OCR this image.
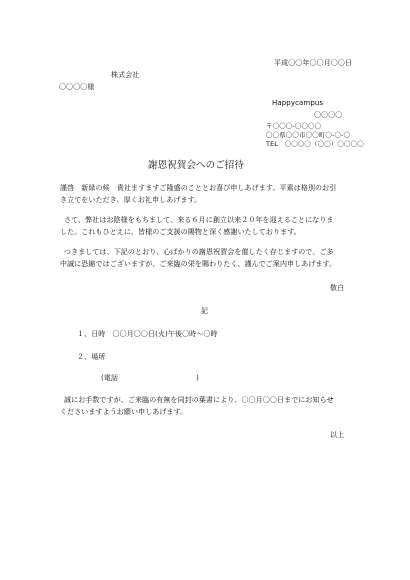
平成〇〇年〇〇月〇〇日
株式会社
〇〇〇〇様
Happycampus
〇〇〇〇
〒〇〇〇-〇〇〇〇
〇〇県〇〇市〇〇町〇-〇-〇
TEL　〇〇〇〇（〇〇）〇〇〇〇
謝恩祝賀会へのご招待
謹啓　新緑の候　貴社ますますご隆盛のこととお喜び申しあげます。平素は格別のお引
き立てをいただき、厚くお礼申しあげます。
さて、弊社はお陰様をもちまして、来る６月に創立以来２０年を迎えることになりま
した。これもひとえに、皆様のご支援の賜物と深く感謝いたしております。
つきましては、下記のとおり、心ばかりの謝恩祝賀会を催したく存じますので、ご多
中誠に恐縮ではございますが、ご来臨の栄を賜わりたく、謹んでご案内申しあげます。
敬白
記
１、日時　〇〇月〇〇日(火)午後〇時〜〇時
２、場所
(電話　　　　　　　　　　　)
誠にお手数ですが、ご来臨の有無を同封の葉書により、〇〇月〇〇日までにお知らせ
くださいますようお願い申しあげます。
以上
